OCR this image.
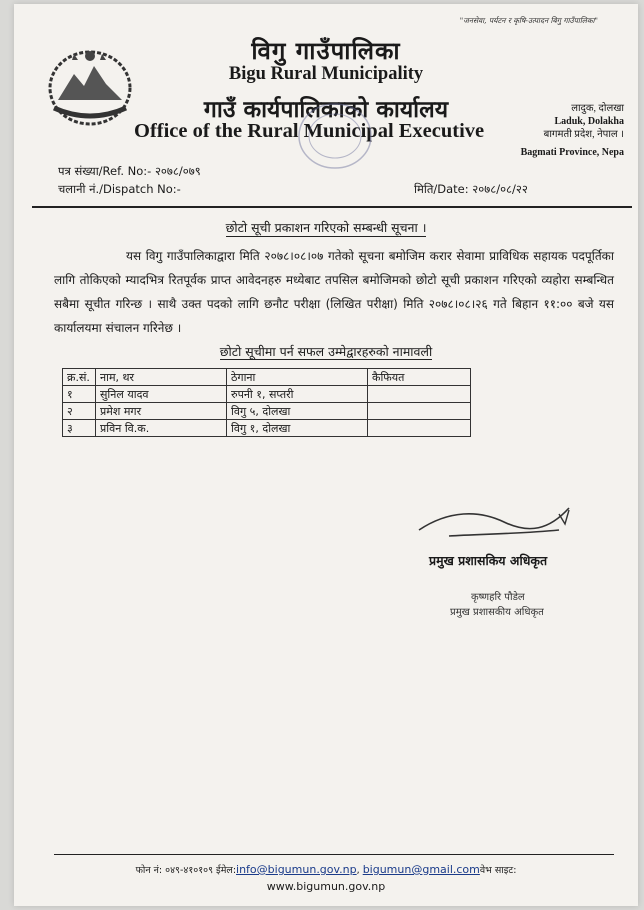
"जनसेवा, पर्यटन र कृषि-उत्पादन बिगु गाउँपालिका"
विगु गाउँपालिका
Bigu Rural Municipality
गाउँ कार्यपालिकाको कार्यालय
Office of the Rural Municipal Executive
लादुक, दोलखा
Laduk, Dolakha
बागमती प्रदेश, नेपाल ।
Bagmati Province, Nepa
पत्र संख्या/Ref. No:- २०७८/०७९
चलानी नं./Dispatch No:-	मिति/Date: २०७८/०८/२२
छोटो सूची प्रकाशन गरिएको सम्बन्धी सूचना ।
यस विगु गाउँपालिकाद्वारा मिति २०७८।०८।०७ गतेको सूचना बमोजिम करार सेवामा प्राविधिक सहायक पदपूर्तिका लागि तोकिएको म्यादभित्र रितपूर्वक प्राप्त आवेदनहरु मध्येबाट तपसिल बमोजिमको छोटो सूची प्रकाशन गरिएको व्यहोरा सम्बन्धित सबैमा सूचीत गरिन्छ । साथै उक्त पदको लागि छनौट परीक्षा (लिखित परीक्षा) मिति २०७८।०८।२६ गते बिहान ११:०० बजे यस कार्यालयमा संचालन गरिनेछ ।
छोटो सूचीमा पर्न सफल उम्मेद्वारहरुको नामावली
क्र.सं.	नाम, थर	ठेगाना	कैफियत
१	सुनिल यादव	रुपनी १, सप्तरी	
२	प्रमेश मगर	विगु ५, दोलखा	
३	प्रविन वि.क.	विगु १, दोलखा	
प्रमुख प्रशासकिय अधिकृत
कृष्णहरि पौडेल
प्रमुख प्रशासकीय अधिकृत
फोन नं: ०४९-४१०१०९ ईमेल:info@bigumun.gov.np, bigumun@gmail.comवेभ साइट:
www.bigumun.gov.np
